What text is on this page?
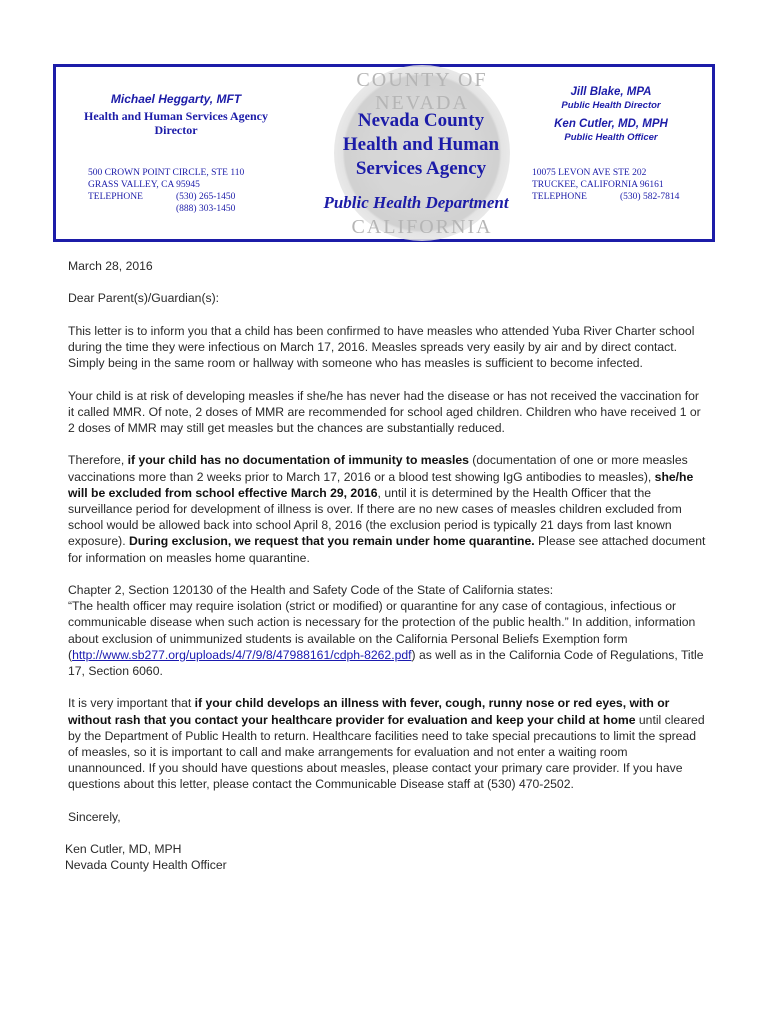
COUNTY OF NEVADA
CALIFORNIA
Michael Heggarty, MFT
Health and Human Services Agency
Director
500 CROWN POINT CIRCLE, STE 110
GRASS VALLEY, CA 95945
TELEPHONE	(530) 265-1450
(888) 303-1450
Nevada County
Health and Human
Services Agency
Public Health Department
Jill Blake, MPA
Public Health Director
Ken Cutler, MD, MPH
Public Health Officer
10075 LEVON AVE STE 202
TRUCKEE, CALIFORNIA 96161
TELEPHONE	(530) 582-7814

March 28, 2016

Dear Parent(s)/Guardian(s):

This letter is to inform you that a child has been confirmed to have measles who attended Yuba River Charter school during the time they were infectious on March 17, 2016. Measles spreads very easily by air and by direct contact. Simply being in the same room or hallway with someone who has measles is sufficient to become infected.

Your child is at risk of developing measles if she/he has never had the disease or has not received the vaccination for it called MMR. Of note, 2 doses of MMR are recommended for school aged children. Children who have received 1 or 2 doses of MMR may still get measles but the chances are substantially reduced.

Therefore, if your child has no documentation of immunity to measles (documentation of one or more measles vaccinations more than 2 weeks prior to March 17, 2016 or a blood test showing IgG antibodies to measles), she/he will be excluded from school effective March 29, 2016, until it is determined by the Health Officer that the surveillance period for development of illness is over. If there are no new cases of measles children excluded from school would be allowed back into school April 8, 2016 (the exclusion period is typically 21 days from last known exposure). During exclusion, we request that you remain under home quarantine. Please see attached document for information on measles home quarantine.

Chapter 2, Section 120130 of the Health and Safety Code of the State of California states:
“The health officer may require isolation (strict or modified) or quarantine for any case of contagious, infectious or communicable disease when such action is necessary for the protection of the public health.” In addition, information about exclusion of unimmunized students is available on the California Personal Beliefs Exemption form (http://www.sb277.org/uploads/4/7/9/8/47988161/cdph-8262.pdf) as well as in the California Code of Regulations, Title 17, Section 6060.

It is very important that if your child develops an illness with fever, cough, runny nose or red eyes, with or without rash that you contact your healthcare provider for evaluation and keep your child at home until cleared by the Department of Public Health to return. Healthcare facilities need to take special precautions to limit the spread of measles, so it is important to call and make arrangements for evaluation and not enter a waiting room unannounced. If you should have questions about measles, please contact your primary care provider. If you have questions about this letter, please contact the Communicable Disease staff at (530) 470-2502.

Sincerely,

Ken Cutler, MD, MPH
Nevada County Health Officer
